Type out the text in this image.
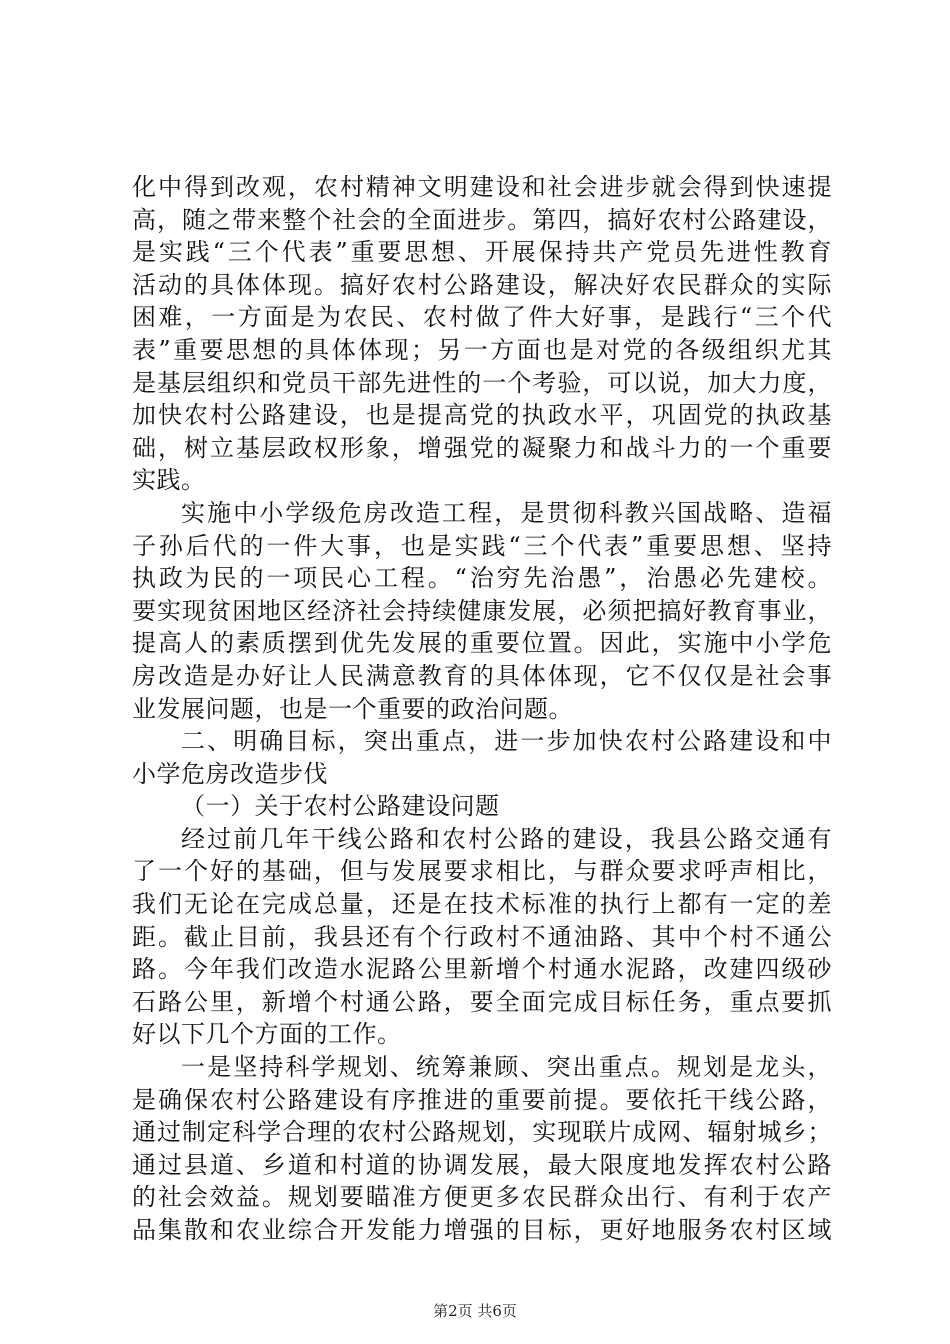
化中得到改观，农村精神文明建设和社会进步就会得到快速提
高，随之带来整个社会的全面进步。第四，搞好农村公路建设，
是实践“三个代表”重要思想、开展保持共产党员先进性教育
活动的具体体现。搞好农村公路建设，解决好农民群众的实际
困难，一方面是为农民、农村做了件大好事，是践行“三个代
表”重要思想的具体体现；另一方面也是对党的各级组织尤其
是基层组织和党员干部先进性的一个考验，可以说，加大力度，
加快农村公路建设，也是提高党的执政水平，巩固党的执政基
础，树立基层政权形象，增强党的凝聚力和战斗力的一个重要
实践。
实施中小学级危房改造工程，是贯彻科教兴国战略、造福
子孙后代的一件大事，也是实践“三个代表”重要思想、坚持
执政为民的一项民心工程。“治穷先治愚”，治愚必先建校。
要实现贫困地区经济社会持续健康发展，必须把搞好教育事业，
提高人的素质摆到优先发展的重要位置。因此，实施中小学危
房改造是办好让人民满意教育的具体体现，它不仅仅是社会事
业发展问题，也是一个重要的政治问题。
二、明确目标，突出重点，进一步加快农村公路建设和中
小学危房改造步伐
（一）关于农村公路建设问题
经过前几年干线公路和农村公路的建设，我县公路交通有
了一个好的基础，但与发展要求相比，与群众要求呼声相比，
我们无论在完成总量，还是在技术标准的执行上都有一定的差
距。截止目前，我县还有个行政村不通油路、其中个村不通公
路。今年我们改造水泥路公里新增个村通水泥路，改建四级砂
石路公里，新增个村通公路，要全面完成目标任务，重点要抓
好以下几个方面的工作。
一是坚持科学规划、统筹兼顾、突出重点。规划是龙头，
是确保农村公路建设有序推进的重要前提。要依托干线公路，
通过制定科学合理的农村公路规划，实现联片成网、辐射城乡；
通过县道、乡道和村道的协调发展，最大限度地发挥农村公路
的社会效益。规划要瞄准方便更多农民群众出行、有利于农产
品集散和农业综合开发能力增强的目标，更好地服务农村区域
第2页 共6页
